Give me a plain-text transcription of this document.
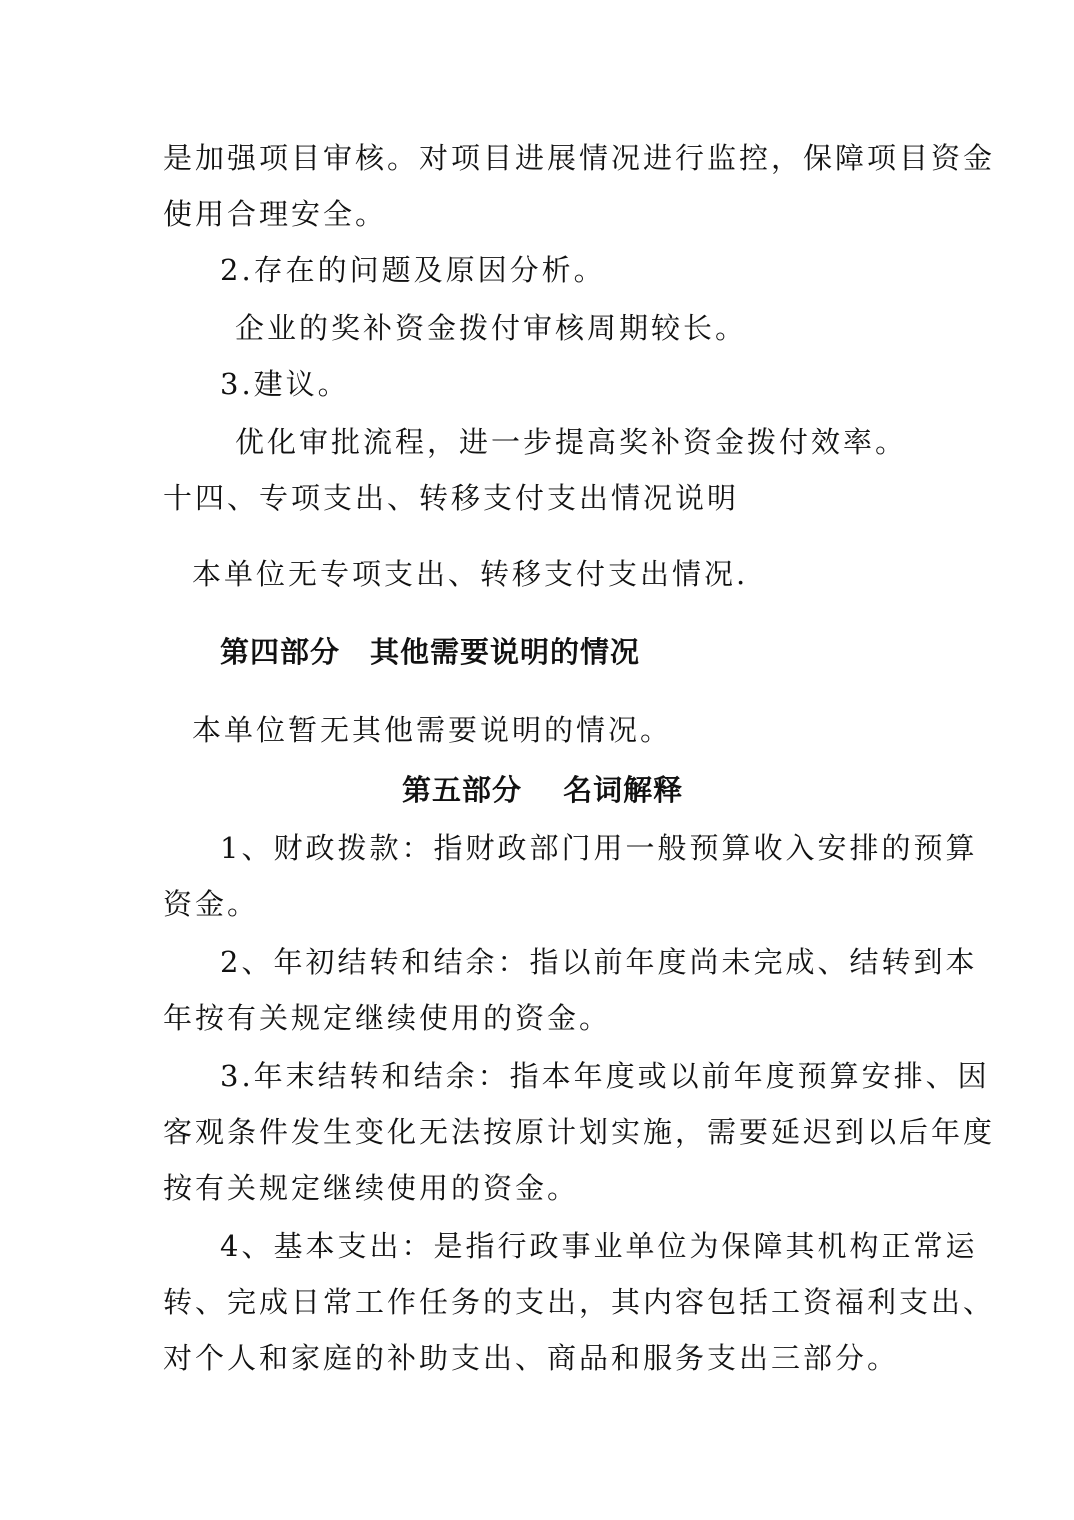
是加强项目审核。对项目进展情况进行监控，保障项目资金
使用合理安全。
2.存在的问题及原因分析。
企业的奖补资金拨付审核周期较长。
3.建议。
优化审批流程，进一步提高奖补资金拨付效率。
十四、专项支出、转移支付支出情况说明
本单位无专项支出、转移支付支出情况.
第四部分　其他需要说明的情况
本单位暂无其他需要说明的情况。
第五部分　 名词解释
1、财政拨款：指财政部门用一般预算收入安排的预算
资金。
2、年初结转和结余：指以前年度尚未完成、结转到本
年按有关规定继续使用的资金。
3.年末结转和结余：指本年度或以前年度预算安排、因
客观条件发生变化无法按原计划实施，需要延迟到以后年度
按有关规定继续使用的资金。
4、基本支出：是指行政事业单位为保障其机构正常运
转、完成日常工作任务的支出，其内容包括工资福利支出、
对个人和家庭的补助支出、商品和服务支出三部分。
